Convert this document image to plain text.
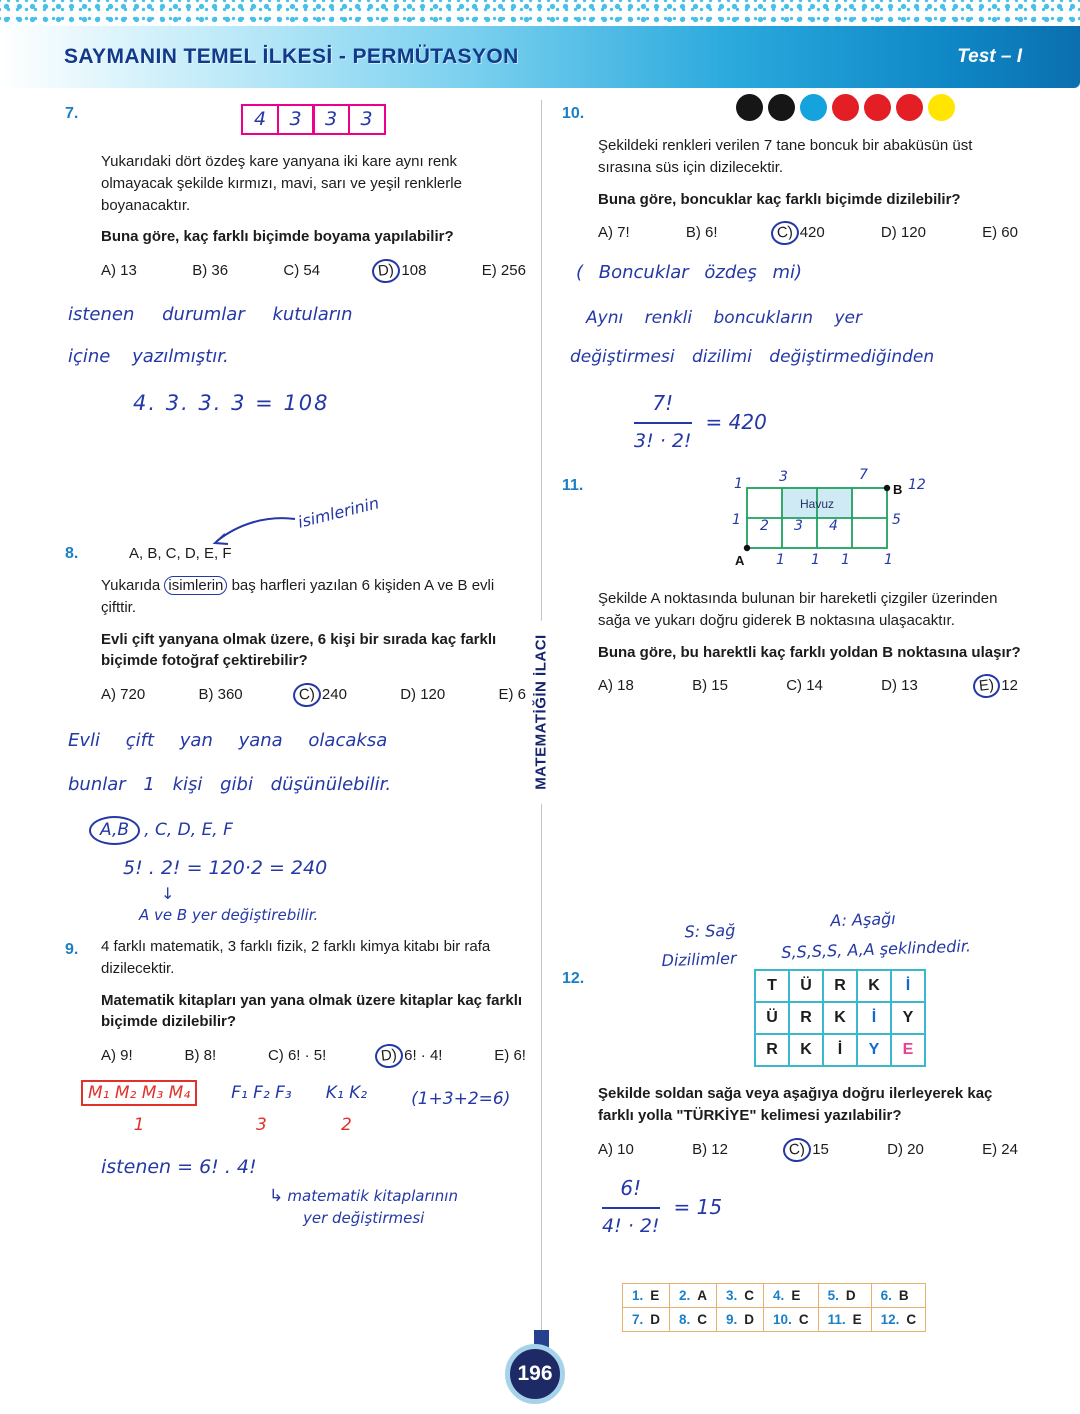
SAYMANIN TEMEL İLKESİ - PERMÜTASYON	Test – I
MATEMATİĞİN İLACI
196
7.	4	3	3	3

Yukarıdaki dört özdeş kare yanyana iki kare aynı renk olmayacak şekilde kırmızı, mavi, sarı ve yeşil renklerle boyanacaktır.

Buna göre, kaç farklı biçimde boyama yapılabilir?

A) 13	B) 36	C) 54	D) 108	E) 256
istenen durumlar kutuların
içine yazılmıştır.
4. 3. 3. 3 = 108
8.	A, B, C, D, E, F
isimlerinin

Yukarıda isimlerin baş harfleri yazılan 6 kişiden A ve B evli çifttir.

Evli çift yanyana olmak üzere, 6 kişi bir sırada kaç farklı biçimde fotoğraf çektirebilir?

A) 720	B) 360	C) 240	D) 120	E) 6
Evli çift yan yana olacaksa
bunlar 1 kişi gibi düşünülebilir.
A,B , C, D, E, F
5! . 2! = 120·2 = 240
↓
A ve B yer değiştirebilir.
9. 4 farklı matematik, 3 farklı fizik, 2 farklı kimya kitabı bir rafa dizilecektir.

Matematik kitapları yan yana olmak üzere kitaplar kaç farklı biçimde dizilebilir?

A) 9!	B) 8!	C) 6! · 5!	D) 6! · 4!	E) 6!
M₁ M₂ M₃ M₄
1
F₁ F₂ F₃
3
K₁ K₂
2
(1+3+2=6)
istenen = 6! . 4!
↳ matematik kitaplarının
yer değiştirmesi
10.

Şekildeki renkleri verilen 7 tane boncuk bir abaküsün üst sırasına süs için dizilecektir.

Buna göre, boncuklar kaç farklı biçimde dizilebilir?

A) 7!	B) 6!	C) 420	D) 120	E) 60
( Boncuklar özdeş mi)
Aynı renkli boncukların yer
değiştirmesi dizilimi değiştirmediğinden
$\frac{7!}{3! \cdot 2!} = 420$
11.
Havuz
B
A
1	3	7
12
1 2 3 4	5
1 1 1 1

Şekilde A noktasında bulunan bir hareketli çizgiler üzerinden sağa ve yukarı doğru giderek B noktasına ulaşacaktır.

Buna göre, bu harektli kaç farklı yoldan B noktasına ulaşır?

A) 18	B) 15	C) 14	D) 13	E) 12
S: Sağ
A: Aşağı
Dizilimler	S,S,S,S, A,A şeklindedir.
12.	T	Ü	R	K	İ
Ü	R	K	İ	Y
R	K	İ	Y	E

Şekilde soldan sağa veya aşağıya doğru ilerleyerek kaç farklı yolla "TÜRKİYE" kelimesi yazılabilir?

A) 10	B) 12	C) 15	D) 20	E) 24
$\frac{6!}{4! \cdot 2!} = 15$
1. E	2. A	3. C	4. E	5. D	6. B
7. D	8. C	9. D	10. C	11. E	12. C
